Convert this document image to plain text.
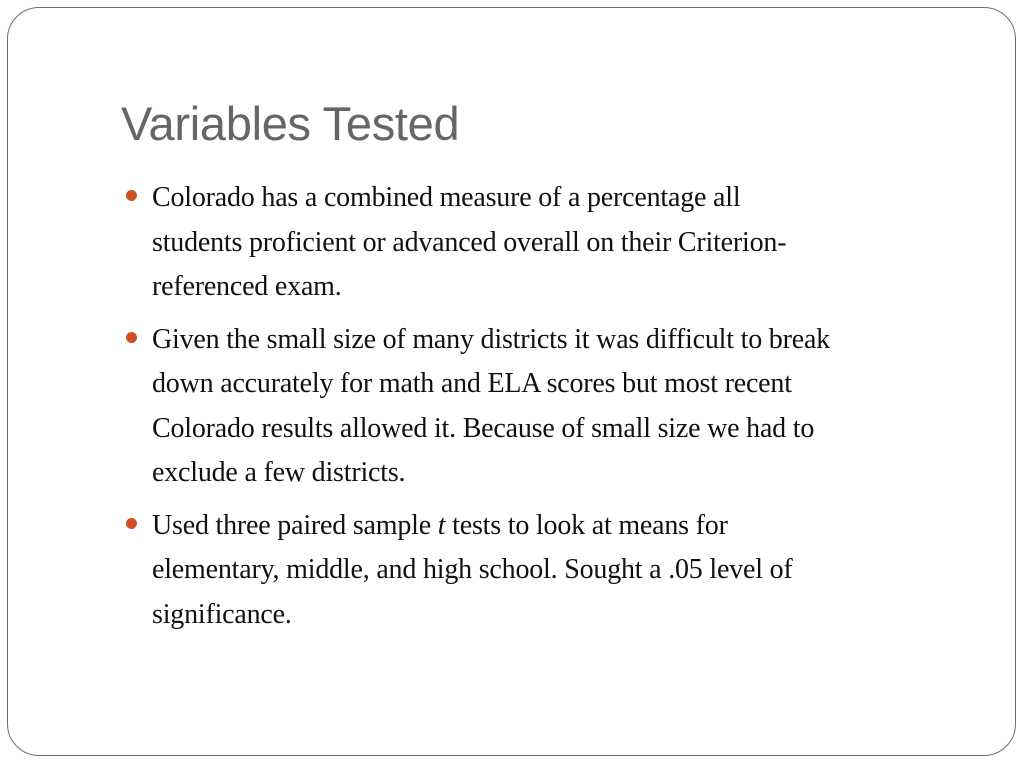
Variables Tested
Colorado has a combined measure of a percentage all
students proficient or advanced overall on their Criterion-
referenced exam.
Given the small size of many districts it was difficult to break
down accurately for math and ELA scores but most recent
Colorado results allowed it. Because of small size we had to
exclude a few districts.
Used three paired sample t tests to look at means for
elementary, middle, and high school. Sought a .05 level of
significance.
